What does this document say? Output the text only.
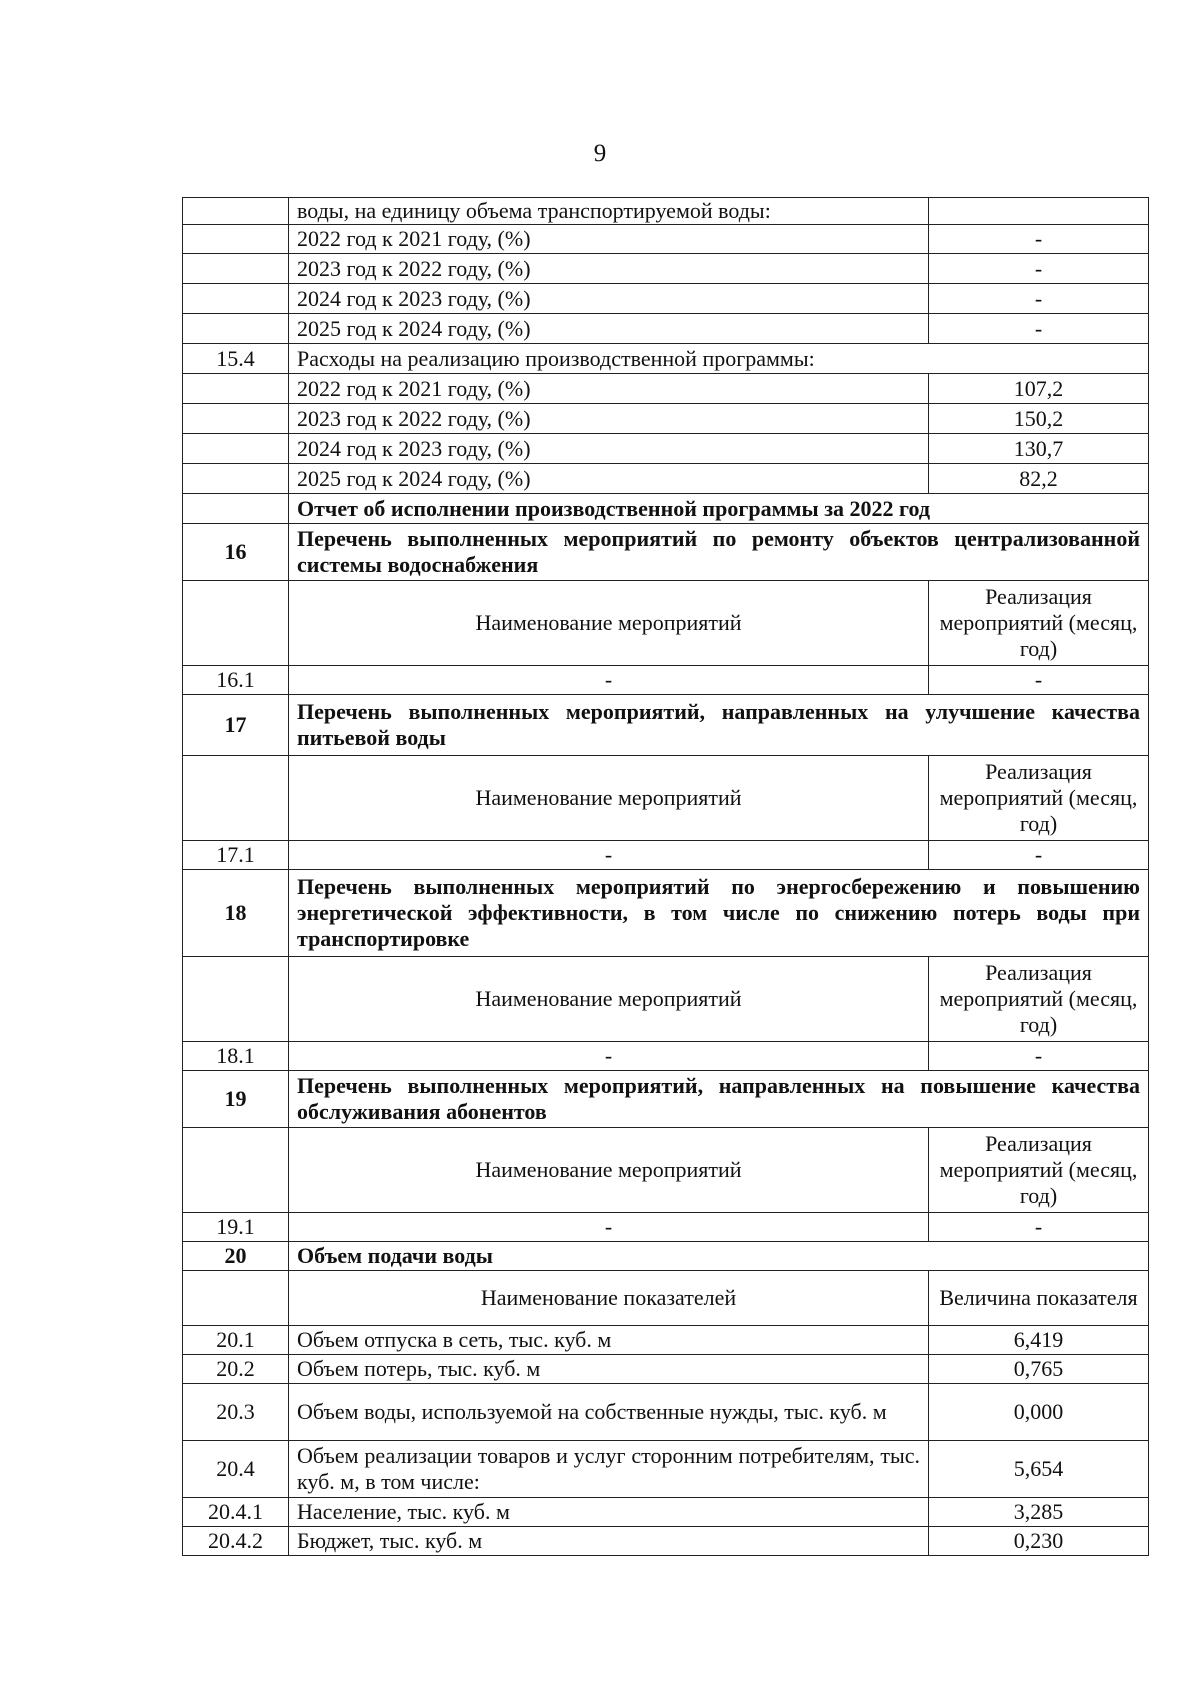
9
	воды, на единицу объема транспортируемой воды:	
	2022 год к 2021 году, (%)	-
	2023 год к 2022 году, (%)	-
	2024 год к 2023 году, (%)	-
	2025 год к 2024 году, (%)	-
15.4	Расходы на реализацию производственной программы:	
	2022 год к 2021 году, (%)	107,2
	2023 год к 2022 году, (%)	150,2
	2024 год к 2023 году, (%)	130,7
	2025 год к 2024 году, (%)	82,2
	Отчет об исполнении производственной программы за 2022 год	
16	Перечень выполненных мероприятий по ремонту объектов централизованной системы водоснабжения	
	Наименование мероприятий	Реализация мероприятий (месяц, год)
16.1	-	-
17	Перечень выполненных мероприятий, направленных на улучшение качества питьевой воды	
	Наименование мероприятий	Реализация мероприятий (месяц, год)
17.1	-	-
18	Перечень выполненных мероприятий по энергосбережению и повышению энергетической эффективности, в том числе по снижению потерь воды при транспортировке	
	Наименование мероприятий	Реализация мероприятий (месяц, год)
18.1	-	-
19	Перечень выполненных мероприятий, направленных на повышение качества обслуживания абонентов	
	Наименование мероприятий	Реализация мероприятий (месяц, год)
19.1	-	-
20	Объем подачи воды	
	Наименование показателей	Величина показателя
20.1	Объем отпуска в сеть, тыс. куб. м	6,419
20.2	Объем потерь, тыс. куб. м	0,765
20.3	Объем воды, используемой на собственные нужды, тыс. куб. м	0,000
20.4	Объем реализации товаров и услуг сторонним потребителям, тыс. куб. м, в том числе:	5,654
20.4.1	Население, тыс. куб. м	3,285
20.4.2	Бюджет, тыс. куб. м	0,230
